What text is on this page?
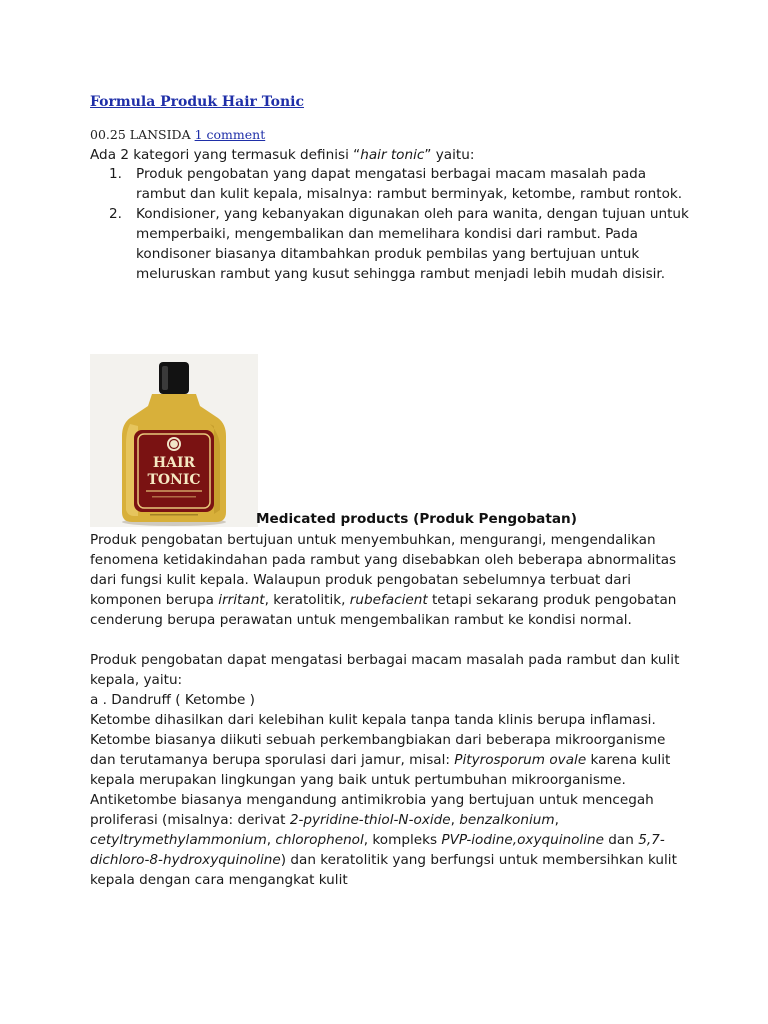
Formula Produk Hair Tonic
00.25 LANSIDA 1 comment

Ada 2 kategori yang termasuk definisi “hair tonic” yaitu:

1. Produk pengobatan yang dapat mengatasi berbagai macam masalah pada rambut dan kulit kepala, misalnya: rambut berminyak, ketombe, rambut rontok.
2. Kondisioner, yang kebanyakan digunakan oleh para wanita, dengan tujuan untuk memperbaiki, mengembalikan dan memelihara kondisi dari rambut. Pada kondisoner biasanya ditambahkan produk pembilas yang bertujuan untuk meluruskan rambut yang kusut sehingga rambut menjadi lebih mudah disisir.
HAIR
TONIC
Medicated products (Produk Pengobatan)

Produk pengobatan bertujuan untuk menyembuhkan, mengurangi, mengendalikan fenomena ketidakindahan pada rambut yang disebabkan oleh beberapa abnormalitas dari fungsi kulit kepala. Walaupun produk pengobatan sebelumnya terbuat dari komponen berupa irritant, keratolitik, rubefacient tetapi sekarang produk pengobatan cenderung berupa perawatan untuk mengembalikan rambut ke kondisi normal.

Produk pengobatan dapat mengatasi berbagai macam masalah pada rambut dan kulit kepala, yaitu:

a . Dandruff ( Ketombe )

Ketombe dihasilkan dari kelebihan kulit kepala tanpa tanda klinis berupa inflamasi. Ketombe biasanya diikuti sebuah perkembangbiakan dari beberapa mikroorganisme dan terutamanya berupa sporulasi dari jamur, misal: Pityrosporum ovale karena kulit kepala merupakan lingkungan yang baik untuk pertumbuhan mikroorganisme. Antiketombe biasanya mengandung antimikrobia yang bertujuan untuk mencegah proliferasi (misalnya: derivat 2-pyridine-thiol-N-oxide, benzalkonium, cetyltrymethylammonium, chlorophenol, kompleks PVP-iodine,oxyquinoline dan 5,7-dichloro-8-hydroxyquinoline) dan keratolitik yang berfungsi untuk membersihkan kulit kepala dengan cara mengangkat kulit
